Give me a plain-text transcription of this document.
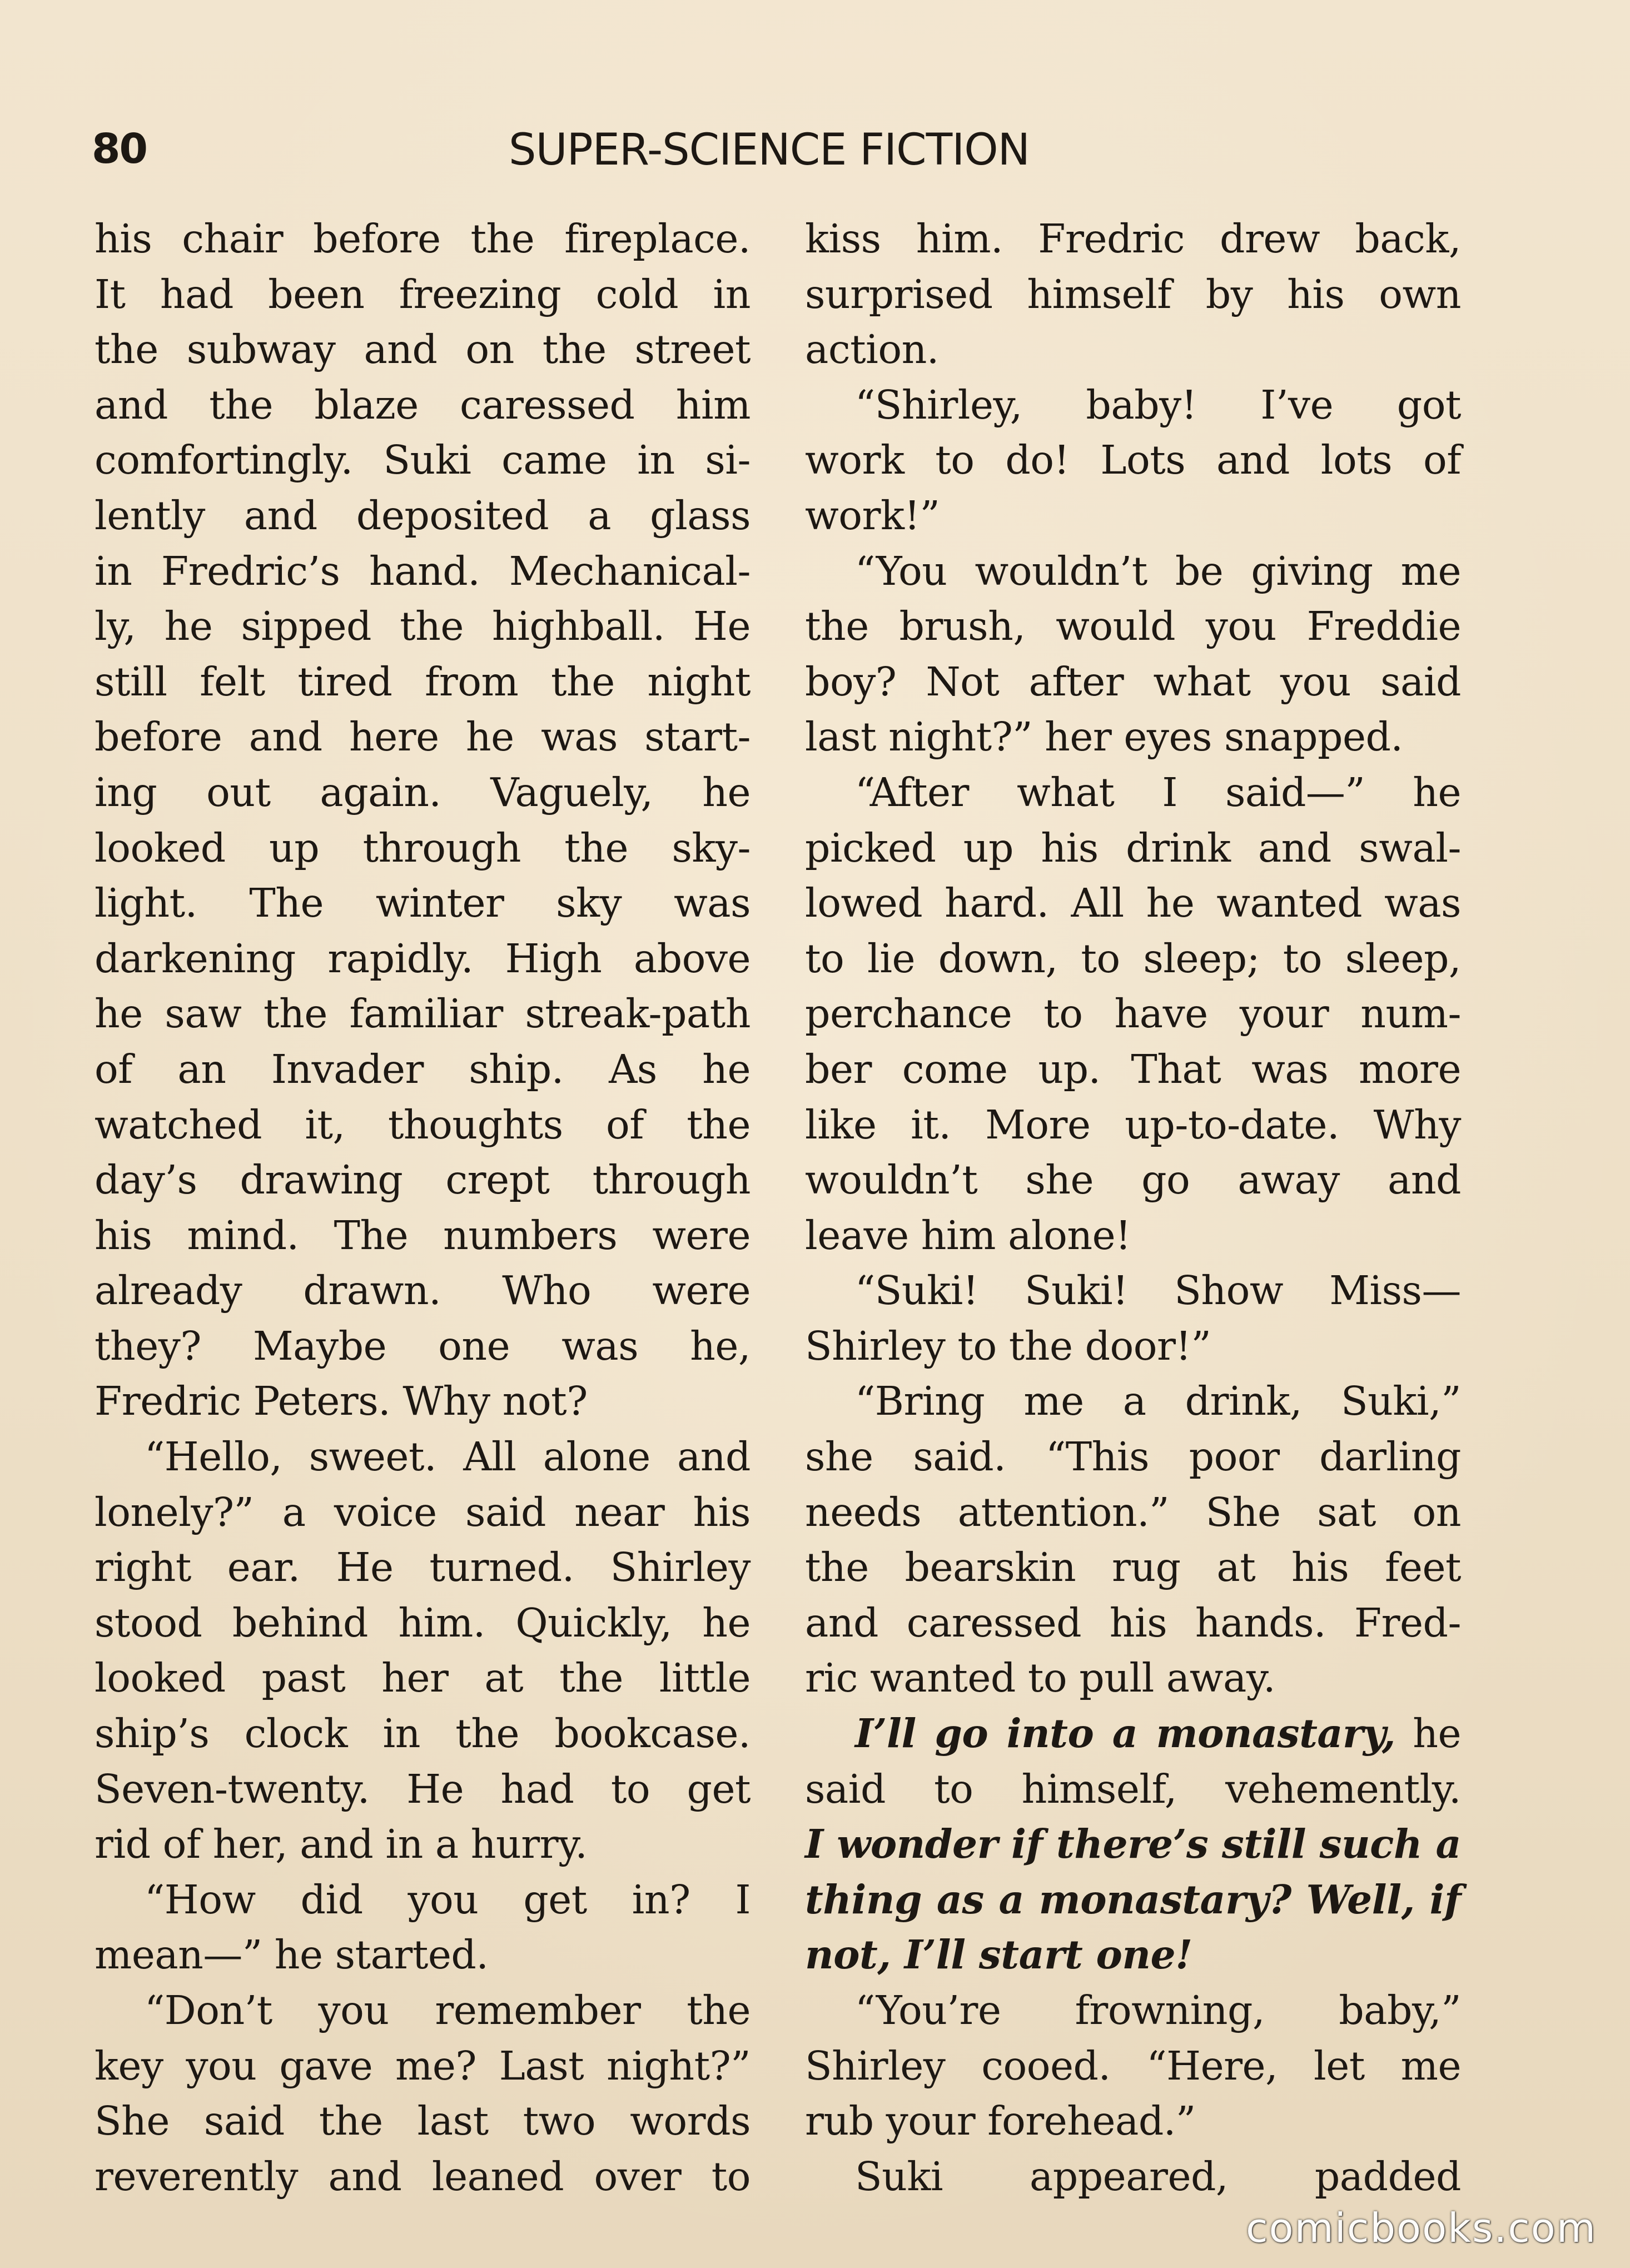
80	SUPER-SCIENCE FICTION
his chair before the fireplace.
It had been freezing cold in
the subway and on the street
and the blaze caressed him
comfortingly. Suki came in si-
lently and deposited a glass
in Fredric’s hand. Mechanical-
ly, he sipped the highball. He
still felt tired from the night
before and here he was start-
ing out again. Vaguely, he
looked up through the sky-
light. The winter sky was
darkening rapidly. High above
he saw the familiar streak-path
of an Invader ship. As he
watched it, thoughts of the
day’s drawing crept through
his mind. The numbers were
already drawn. Who were
they? Maybe one was he,
Fredric Peters. Why not?
“Hello, sweet. All alone and
lonely?” a voice said near his
right ear. He turned. Shirley
stood behind him. Quickly, he
looked past her at the little
ship’s clock in the bookcase.
Seven-twenty. He had to get
rid of her, and in a hurry.
“How did you get in? I
mean—” he started.
“Don’t you remember the
key you gave me? Last night?”
She said the last two words
reverently and leaned over to
kiss him. Fredric drew back,
surprised himself by his own
action.
“Shirley, baby! I’ve got
work to do! Lots and lots of
work!”
“You wouldn’t be giving me
the brush, would you Freddie
boy? Not after what you said
last night?” her eyes snapped.
“After what I said—” he
picked up his drink and swal-
lowed hard. All he wanted was
to lie down, to sleep; to sleep,
perchance to have your num-
ber come up. That was more
like it. More up-to-date. Why
wouldn’t she go away and
leave him alone!
“Suki! Suki! Show Miss—
Shirley to the door!”
“Bring me a drink, Suki,”
she said. “This poor darling
needs attention.” She sat on
the bearskin rug at his feet
and caressed his hands. Fred-
ric wanted to pull away.
I’ll go into a monastary, he
said to himself, vehemently.
I wonder if there’s still such a
thing as a monastary? Well, if
not, I’ll start one!
“You’re frowning, baby,”
Shirley cooed. “Here, let me
rub your forehead.”
Suki appeared, padded
comicbooks.com
